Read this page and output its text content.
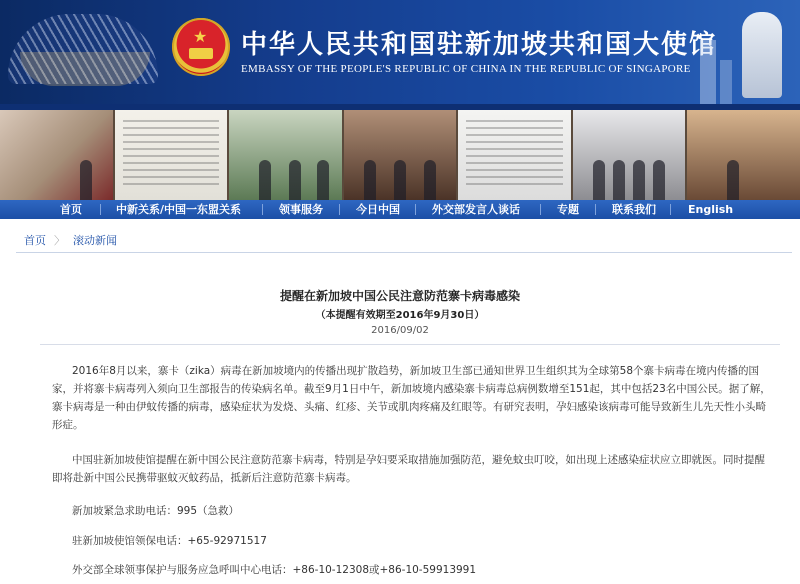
★ 中华人民共和国驻新加坡共和国大使馆
EMBASSY OF THE PEOPLE'S REPUBLIC OF CHINA IN THE REPUBLIC OF SINGAPORE
首页	中新关系/中国一东盟关系	领事服务	今日中国	外交部发言人谈话	专题	联系我们	English
首页 〉 滚动新闻
提醒在新加坡中国公民注意防范寨卡病毒感染
（本提醒有效期至2016年9月30日）
2016/09/02
2016年8月以来，寨卡（zika）病毒在新加坡境内的传播出现扩散趋势，新加坡卫生部已通知世界卫生组织其为全球第58个寨卡病毒在境内传播的国家，并将寨卡病毒列入须向卫生部报告的传染病名单。截至9月1日中午，新加坡境内感染寨卡病毒总病例数增至151起，其中包括23名中国公民。据了解，寨卡病毒是一种由伊蚊传播的病毒，感染症状为发烧、头痛、红疹、关节或肌肉疼痛及红眼等。有研究表明，孕妇感染该病毒可能导致新生儿先天性小头畸形症。
中国驻新加坡使馆提醒在新中国公民注意防范寨卡病毒，特别是孕妇要采取措施加强防范，避免蚊虫叮咬，如出现上述感染症状应立即就医。同时提醒即将赴新中国公民携带驱蚊灭蚊药品，抵新后注意防范寨卡病毒。
新加坡紧急求助电话：995（急救）
驻新加坡使馆领保电话：+65-92971517
外交部全球领事保护与服务应急呼叫中心电话：+86-10-12308或+86-10-59913991
